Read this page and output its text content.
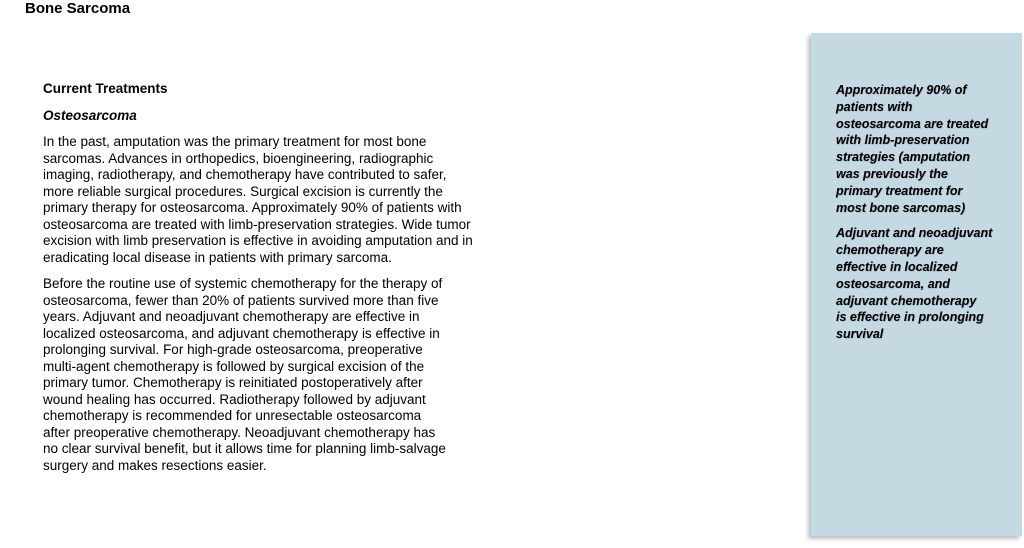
Bone Sarcoma
Current Treatments
Osteosarcoma

In the past, amputation was the primary treatment for most bone
sarcomas. Advances in orthopedics, bioengineering, radiographic
imaging, radiotherapy, and chemotherapy have contributed to safer,
more reliable surgical procedures. Surgical excision is currently the
primary therapy for osteosarcoma. Approximately 90% of patients with
osteosarcoma are treated with limb-preservation strategies. Wide tumor
excision with limb preservation is effective in avoiding amputation and in
eradicating local disease in patients with primary sarcoma.

Before the routine use of systemic chemotherapy for the therapy of
osteosarcoma, fewer than 20% of patients survived more than five
years. Adjuvant and neoadjuvant chemotherapy are effective in
localized osteosarcoma, and adjuvant chemotherapy is effective in
prolonging survival. For high-grade osteosarcoma, preoperative
multi-agent chemotherapy is followed by surgical excision of the
primary tumor. Chemotherapy is reinitiated postoperatively after
wound healing has occurred. Radiotherapy followed by adjuvant
chemotherapy is recommended for unresectable osteosarcoma
after preoperative chemotherapy. Neoadjuvant chemotherapy has
no clear survival benefit, but it allows time for planning limb-salvage
surgery and makes resections easier.

Approximately 90% of
patients with
osteosarcoma are treated
with limb-preservation
strategies (amputation
was previously the
primary treatment for
most bone sarcomas)

Adjuvant and neoadjuvant
chemotherapy are
effective in localized
osteosarcoma, and
adjuvant chemotherapy
is effective in prolonging
survival
